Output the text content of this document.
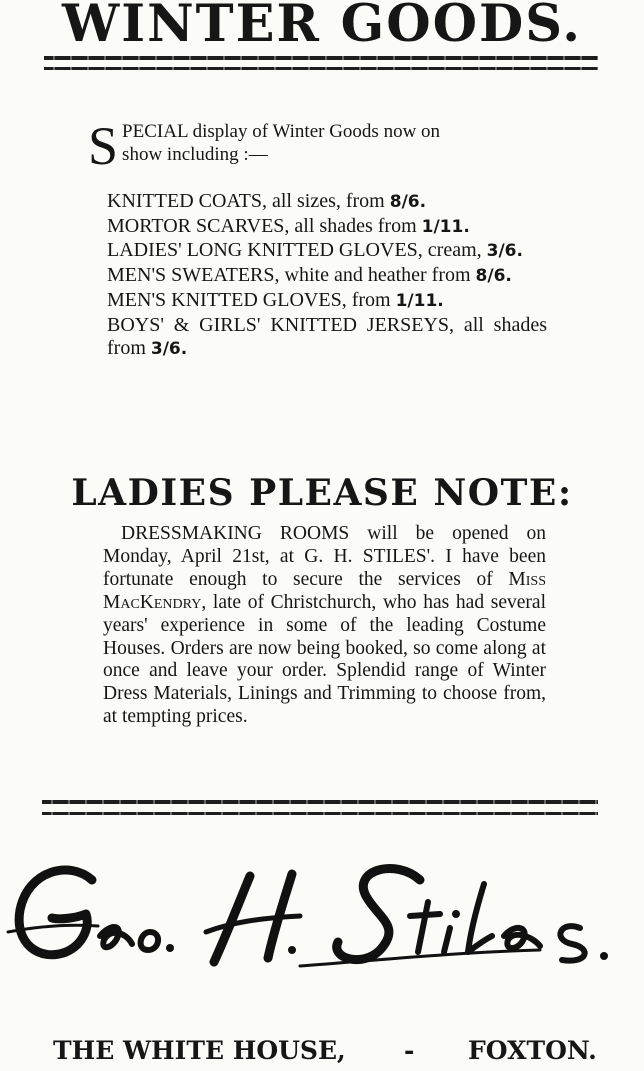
WINTER GOODS.
S PECIAL display of Winter Goods now on
show including :—
KNITTED COATS, all sizes, from 8/6.
MORTOR SCARVES, all shades from 1/11.
LADIES' LONG KNITTED GLOVES, cream, 3/6.
MEN'S SWEATERS, white and heather from 8/6.
MEN'S KNITTED GLOVES, from 1/11.
BOYS' & GIRLS' KNITTED JERSEYS, all shades from 3/6.
LADIES PLEASE NOTE:

DRESSMAKING ROOMS will be opened on Monday, April 21st, at G. H. STILES'. I have been fortunate enough to secure the services of Miss MacKendry, late of Christchurch, who has had several years' experience in some of the leading Costume Houses. Orders are now being booked, so come along at once and leave your order. Splendid range of Winter Dress Materials, Linings and Trimming to choose from, at tempting prices.

THE WHITE HOUSE, - FOXTON.
